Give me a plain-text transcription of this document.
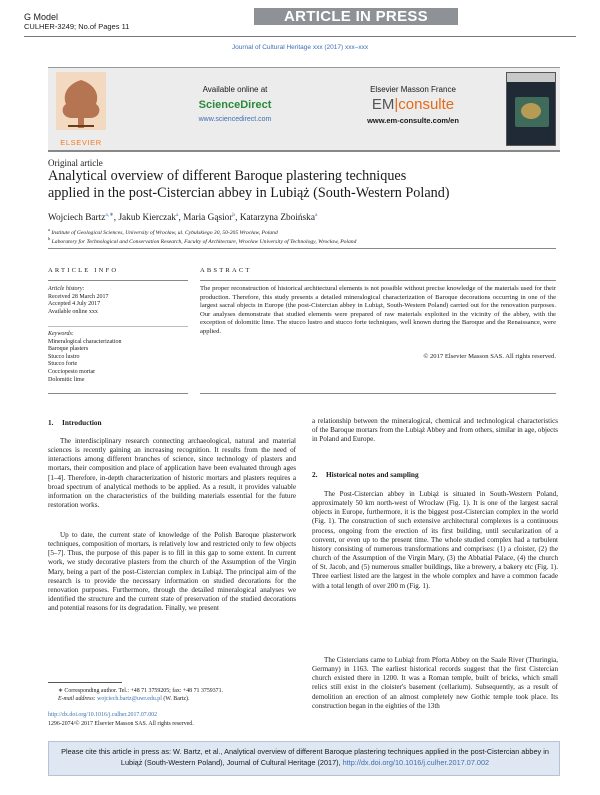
G Model
CULHER-3249; No.of Pages 11
ARTICLE IN PRESS
Journal of Cultural Heritage xxx (2017) xxx–xxx
ELSEVIER
Available online at
ScienceDirect
www.sciencedirect.com
Elsevier Masson France
EM|consulte
www.em-consulte.com/en
Original article
Analytical overview of different Baroque plastering techniques
applied in the post-Cistercian abbey in Lubiąż (South-Western Poland)
Wojciech Bartz$^{a,∗}$, Jakub Kierczak$^a$, Maria Gąsior$^b$, Katarzyna Zboińska$^a$
$^a$ Institute of Geological Sciences, University of Wrocław, ul. Cybulskiego 30, 50-205 Wrocław, Poland
$^b$ Laboratory for Technological and Conservation Research, Faculty of Architecture, Wrocław University of Technology, Wrocław, Poland
ARTICLE INFO	ABSTRACT
Article history:
Received 28 March 2017
Accepted 4 July 2017
Available online xxx
Keywords:
Mineralogical characterization
Baroque plasters
Stucco lustro
Stucco forte
Cocciopesto mortar
Dolomitic lime
The proper reconstruction of historical architectural elements is not possible without precise knowledge of the materials used for their production. Therefore, this study presents a detailed mineralogical characterization of Baroque decorations occurring in one of the largest sacral objects in Europe (the post-Cistercian abbey in Lubiąż, South-Western Poland) carried out for the renovation purposes. Our analyses demonstrate that studied elements were prepared of raw materials exploited in the vicinity of the abbey, with the exception of dolomitic lime. The stucco lustro and stucco forte techniques, well known during the Baroque and the Renaissance, were applied.
© 2017 Elsevier Masson SAS. All rights reserved.
1. Introduction
The interdisciplinary research connecting archaeological, natural and material sciences is recently gaining an increasing recognition. It results from the need of interactions among different branches of science, since technology of plasters and mortars, their composition and place of application have been evaluated through ages [1–4]. Therefore, in-depth characterization of historic mortars and plasters requires a broad spectrum of analytical methods to be applied. As a result, it provides valuable information on the characteristics of the building materials essential for the future restoration works.
Up to date, the current state of knowledge of the Polish Baroque plasterwork techniques, composition of mortars, is relatively low and restricted only to few objects [5–7]. Thus, the purpose of this paper is to fill in this gap to some extent. In current work, we study decorative plasters from the church of the Assumption of the Virgin Mary, being a part of the post-Cistercian complex in Lubiąż. The principal aim of the research is to provide the necessary information on studied decorations for the renovation purposes. Furthermore, through the detailed mineralogical analyses we identified the structure and the current state of preservation of the studied decorations and potential reasons for its degradation. Finally, we present
a relationship between the mineralogical, chemical and technological characteristics of the Baroque mortars from the Lubiąż Abbey and from others, similar in age, objects in Poland and Europe.
2. Historical notes and sampling
The Post-Cistercian abbey in Lubiąż is situated in South-Western Poland, approximately 50 km north-west of Wrocław (Fig. 1). It is one of the largest sacral objects in Europe, furthermore, it is the biggest post-Cistercian complex in the world (Fig. 1). The construction of such extensive architectural complexes is a continuous process, ongoing from the erection of its first building, until secularization of a convent, or even up to the present time. The whole studied complex had a turbulent history consisting of numerous transformations and comprises: (1) a cloister, (2) the church of the Assumption of the Virgin Mary, (3) the Abbatial Palace, (4) the church of St. Jacob, and (5) numerous smaller buildings, like a brewery, a bakery etc (Fig. 1). Three earliest listed are the largest in the whole complex and have a common facade with a total length of over 200 m (Fig. 1).
The Cistercians came to Lubiąż from Pforta Abbey on the Saale River (Thuringia, Germany) in 1163. The earliest historical records suggest that the first Cistercian church existed there in 1200. It was a Roman temple, built of bricks, which small relics still exist in the cloister's basement (cellarium). Subsequently, as a result of demolition an erection of an almost completely new Gothic temple took place. Its construction began in the eighties of the 13th
∗ Corresponding author. Tel.: +48 71 3759205; fax: +48 71 3759371.
E-mail address: wojciech.bartz@uwr.edu.pl (W. Bartz).
http://dx.doi.org/10.1016/j.culher.2017.07.002
1296-2074/© 2017 Elsevier Masson SAS. All rights reserved.
Please cite this article in press as: W. Bartz, et al., Analytical overview of different Baroque plastering techniques applied in the post-Cistercian abbey in Lubiąż (South-Western Poland), Journal of Cultural Heritage (2017), http://dx.doi.org/10.1016/j.culher.2017.07.002
